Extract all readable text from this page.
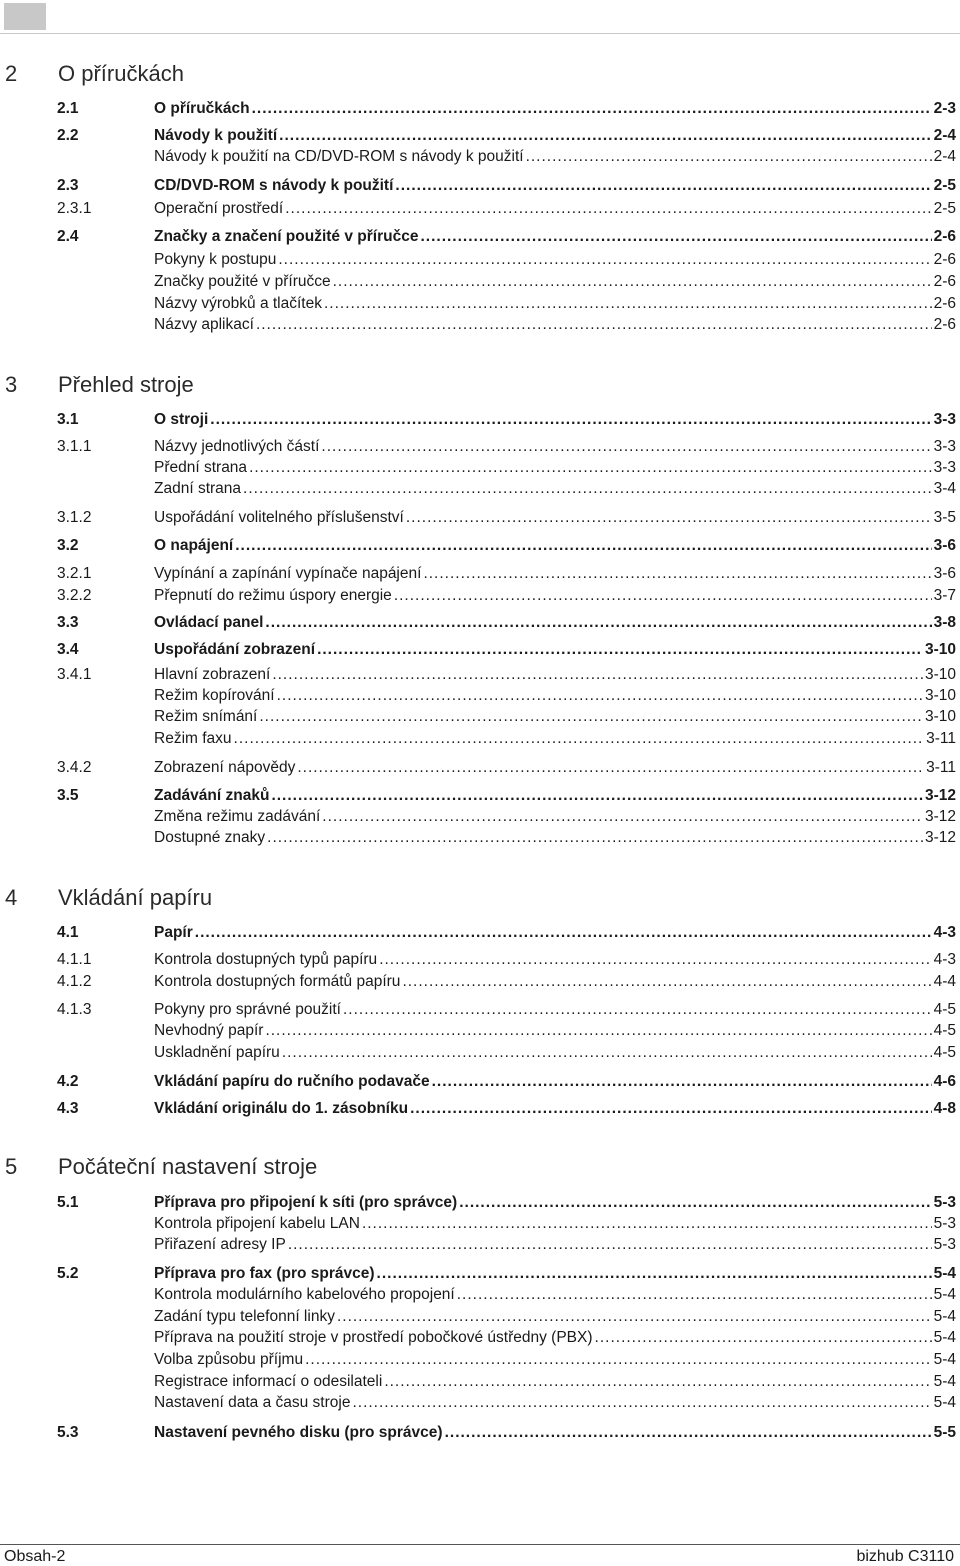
2	O příručkách
2.1	O příručkách .....	2-3
2.2	Návody k použití .....	2-4
Návody k použití na CD/DVD-ROM s návody k použití .....	2-4
2.3	CD/DVD-ROM s návody k použití .....	2-5
2.3.1	Operační prostředí .....	2-5
2.4	Značky a značení použité v příručce .....	2-6
Pokyny k postupu .....	2-6
Značky použité v příručce .....	2-6
Názvy výrobků a tlačítek .....	2-6
Názvy aplikací .....	2-6
3	Přehled stroje
3.1	O stroji .....	3-3
3.1.1	Názvy jednotlivých částí .....	3-3
Přední strana .....	3-3
Zadní strana .....	3-4
3.1.2	Uspořádání volitelného příslušenství .....	3-5
3.2	O napájení .....	3-6
3.2.1	Vypínání a zapínání vypínače napájení .....	3-6
3.2.2	Přepnutí do režimu úspory energie .....	3-7
3.3	Ovládací panel .....	3-8
3.4	Uspořádání zobrazení .....	3-10
3.4.1	Hlavní zobrazení .....	3-10
Režim kopírování .....	3-10
Režim snímání .....	3-10
Režim faxu .....	3-11
3.4.2	Zobrazení nápovědy .....	3-11
3.5	Zadávání znaků .....	3-12
Změna režimu zadávání .....	3-12
Dostupné znaky .....	3-12
4	Vkládání papíru
4.1	Papír .....	4-3
4.1.1	Kontrola dostupných typů papíru .....	4-3
4.1.2	Kontrola dostupných formátů papíru .....	4-4
4.1.3	Pokyny pro správné použití .....	4-5
Nevhodný papír .....	4-5
Uskladnění papíru .....	4-5
4.2	Vkládání papíru do ručního podavače .....	4-6
4.3	Vkládání originálu do 1. zásobníku .....	4-8
5	Počáteční nastavení stroje
5.1	Příprava pro připojení k síti (pro správce) .....	5-3
Kontrola připojení kabelu LAN .....	5-3
Přiřazení adresy IP .....	5-3
5.2	Příprava pro fax (pro správce) .....	5-4
Kontrola modulárního kabelového propojení .....	5-4
Zadání typu telefonní linky .....	5-4
Příprava na použití stroje v prostředí pobočkové ústředny (PBX) .....	5-4
Volba způsobu příjmu .....	5-4
Registrace informací o odesilateli .....	5-4
Nastavení data a času stroje .....	5-4
5.3	Nastavení pevného disku (pro správce) .....	5-5
Obsah-2	bizhub C3110
